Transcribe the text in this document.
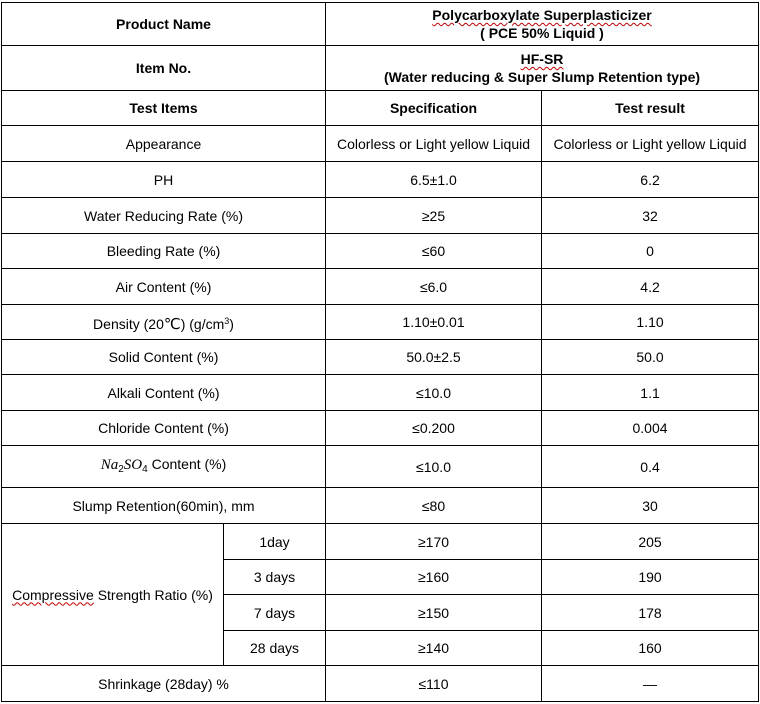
Product Name		Polycarboxylate Superplasticizer
( PCE 50% Liquid )	
Item No.		HF-SR
(Water reducing & Super Slump Retention type)	
Test Items		Specification	Test result
Appearance		Colorless or Light yellow Liquid	Colorless or Light yellow Liquid
PH		6.5±1.0	6.2
Water Reducing Rate (%)		≥25	32
Bleeding Rate (%)		≤60	0
Air Content (%)		≤6.0	4.2
Density (20℃) $(g/cm^3)$		1.10±0.01	1.10
Solid Content (%)		50.0±2.5	50.0
Alkali Content (%)		≤10.0	1.1
Chloride Content (%)		≤0.200	0.004
$Na_2SO_4$ Content (%)		≤10.0	0.4
Slump Retention(60min), mm		≤80	30
Compressive Strength Ratio (%)	1day	≥170	205
	3 days	≥160	190
	7 days	≥150	178
	28 days	≥140	160
Shrinkage (28day) %		≤110	—
